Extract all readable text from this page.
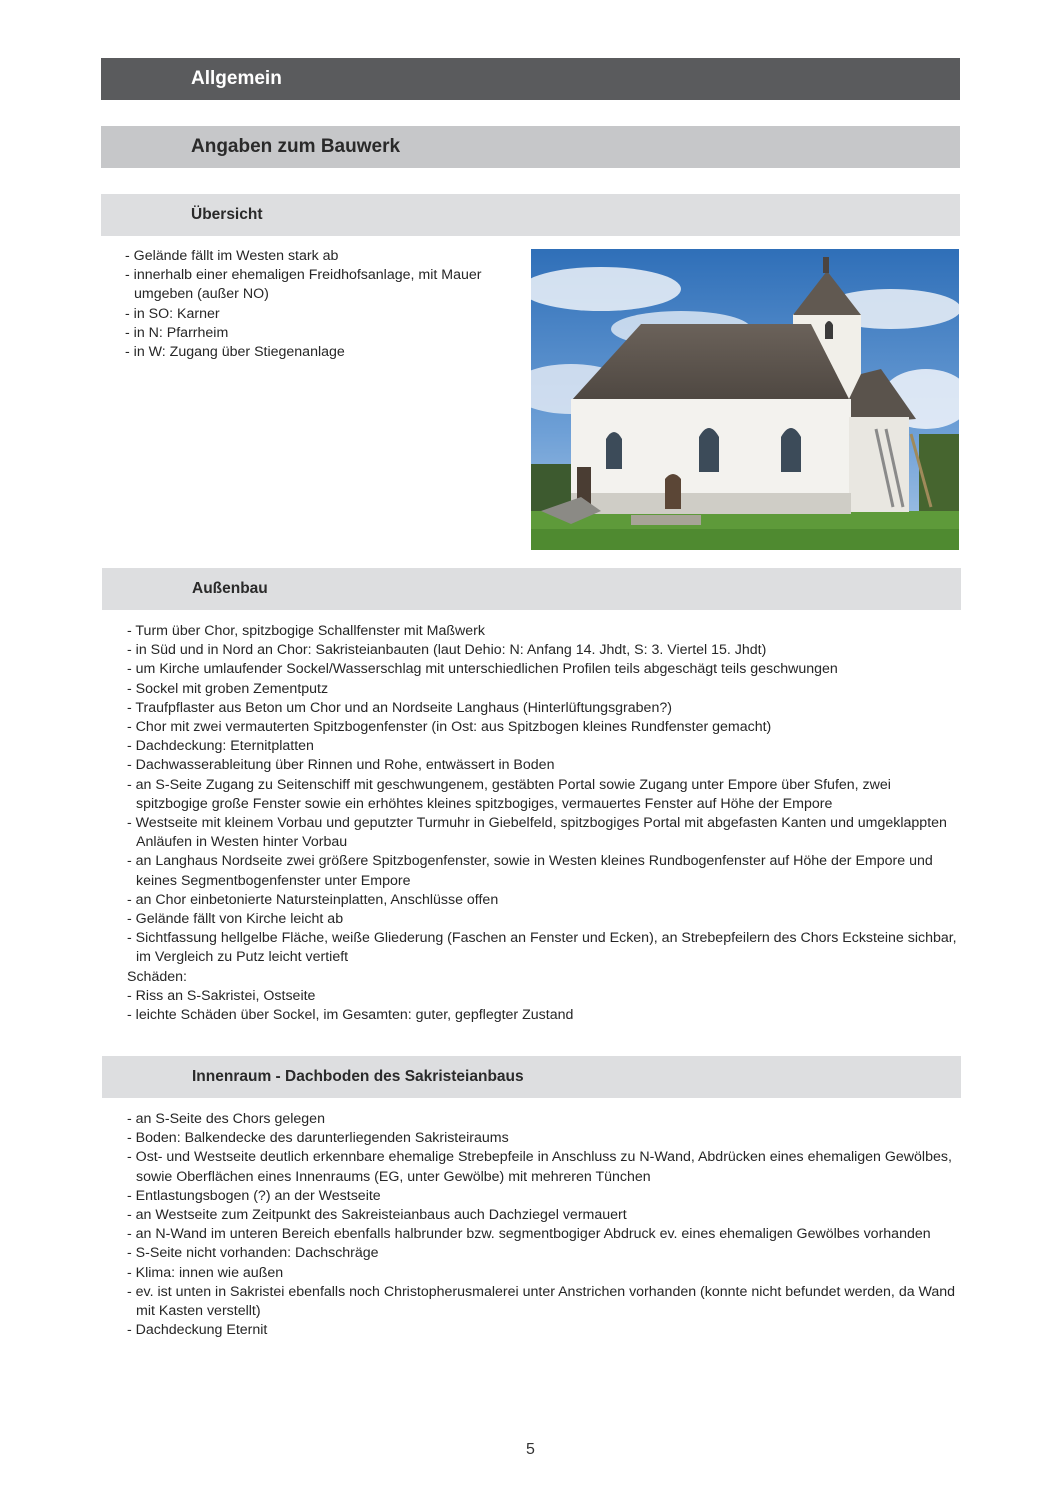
Allgemein
Angaben zum Bauwerk
Übersicht
- Gelände fällt im Westen stark ab
- innerhalb einer ehemaligen Freidhofsanlage, mit Mauer umgeben (außer NO)
- in SO: Karner
- in N: Pfarrheim
- in W: Zugang über Stiegenanlage
Außenbau
- Turm über Chor, spitzbogige Schallfenster mit Maßwerk
- in Süd und in Nord an Chor: Sakristeianbauten (laut Dehio: N: Anfang 14. Jhdt, S: 3. Viertel 15. Jhdt)
- um Kirche umlaufender Sockel/Wasserschlag mit unterschiedlichen Profilen teils abgeschägt teils geschwungen
- Sockel mit groben Zementputz
- Traufpflaster aus Beton um Chor und an Nordseite Langhaus (Hinterlüftungsgraben?)
- Chor mit zwei vermauterten Spitzbogenfenster (in Ost: aus Spitzbogen kleines Rundfenster gemacht)
- Dachdeckung: Eternitplatten
- Dachwasserableitung über Rinnen und Rohe, entwässert in Boden
- an S-Seite Zugang zu Seitenschiff mit geschwungenem, gestäbten Portal sowie Zugang unter Empore über Sfufen, zwei spitzbogige große Fenster sowie ein erhöhtes kleines spitzbogiges, vermauertes Fenster auf Höhe der Empore
- Westseite mit kleinem Vorbau und geputzter Turmuhr in Giebelfeld, spitzbogiges Portal mit abgefasten Kanten und umgeklappten Anläufen in Westen hinter Vorbau
- an Langhaus Nordseite zwei größere Spitzbogenfenster, sowie in Westen kleines Rundbogenfenster auf Höhe der Empore und keines Segmentbogenfenster unter Empore
- an Chor einbetonierte Natursteinplatten, Anschlüsse offen
- Gelände fällt von Kirche leicht ab
- Sichtfassung hellgelbe Fläche, weiße Gliederung (Faschen an Fenster und Ecken), an Strebepfeilern des Chors Ecksteine sichbar, im Vergleich zu Putz leicht vertieft
Schäden:
- Riss an S-Sakristei, Ostseite
- leichte Schäden über Sockel, im Gesamten: guter, gepflegter Zustand
Innenraum - Dachboden des Sakristeianbaus
- an S-Seite des Chors gelegen
- Boden: Balkendecke des darunterliegenden Sakristeiraums
- Ost- und Westseite deutlich erkennbare ehemalige Strebepfeile in Anschluss zu N-Wand, Abdrücken eines ehemaligen Gewölbes, sowie Oberflächen eines Innenraums (EG, unter Gewölbe) mit mehreren Tünchen
- Entlastungsbogen (?) an der Westseite
- an Westseite zum Zeitpunkt des Sakreisteianbaus auch Dachziegel vermauert
- an N-Wand im unteren Bereich ebenfalls halbrunder bzw. segmentbogiger Abdruck ev. eines ehemaligen Gewölbes vorhanden
- S-Seite nicht vorhanden: Dachschräge
- Klima: innen wie außen
- ev. ist unten in Sakristei ebenfalls noch Christopherusmalerei unter Anstrichen vorhanden (konnte nicht befundet werden, da Wand mit Kasten verstellt)
- Dachdeckung Eternit
5
